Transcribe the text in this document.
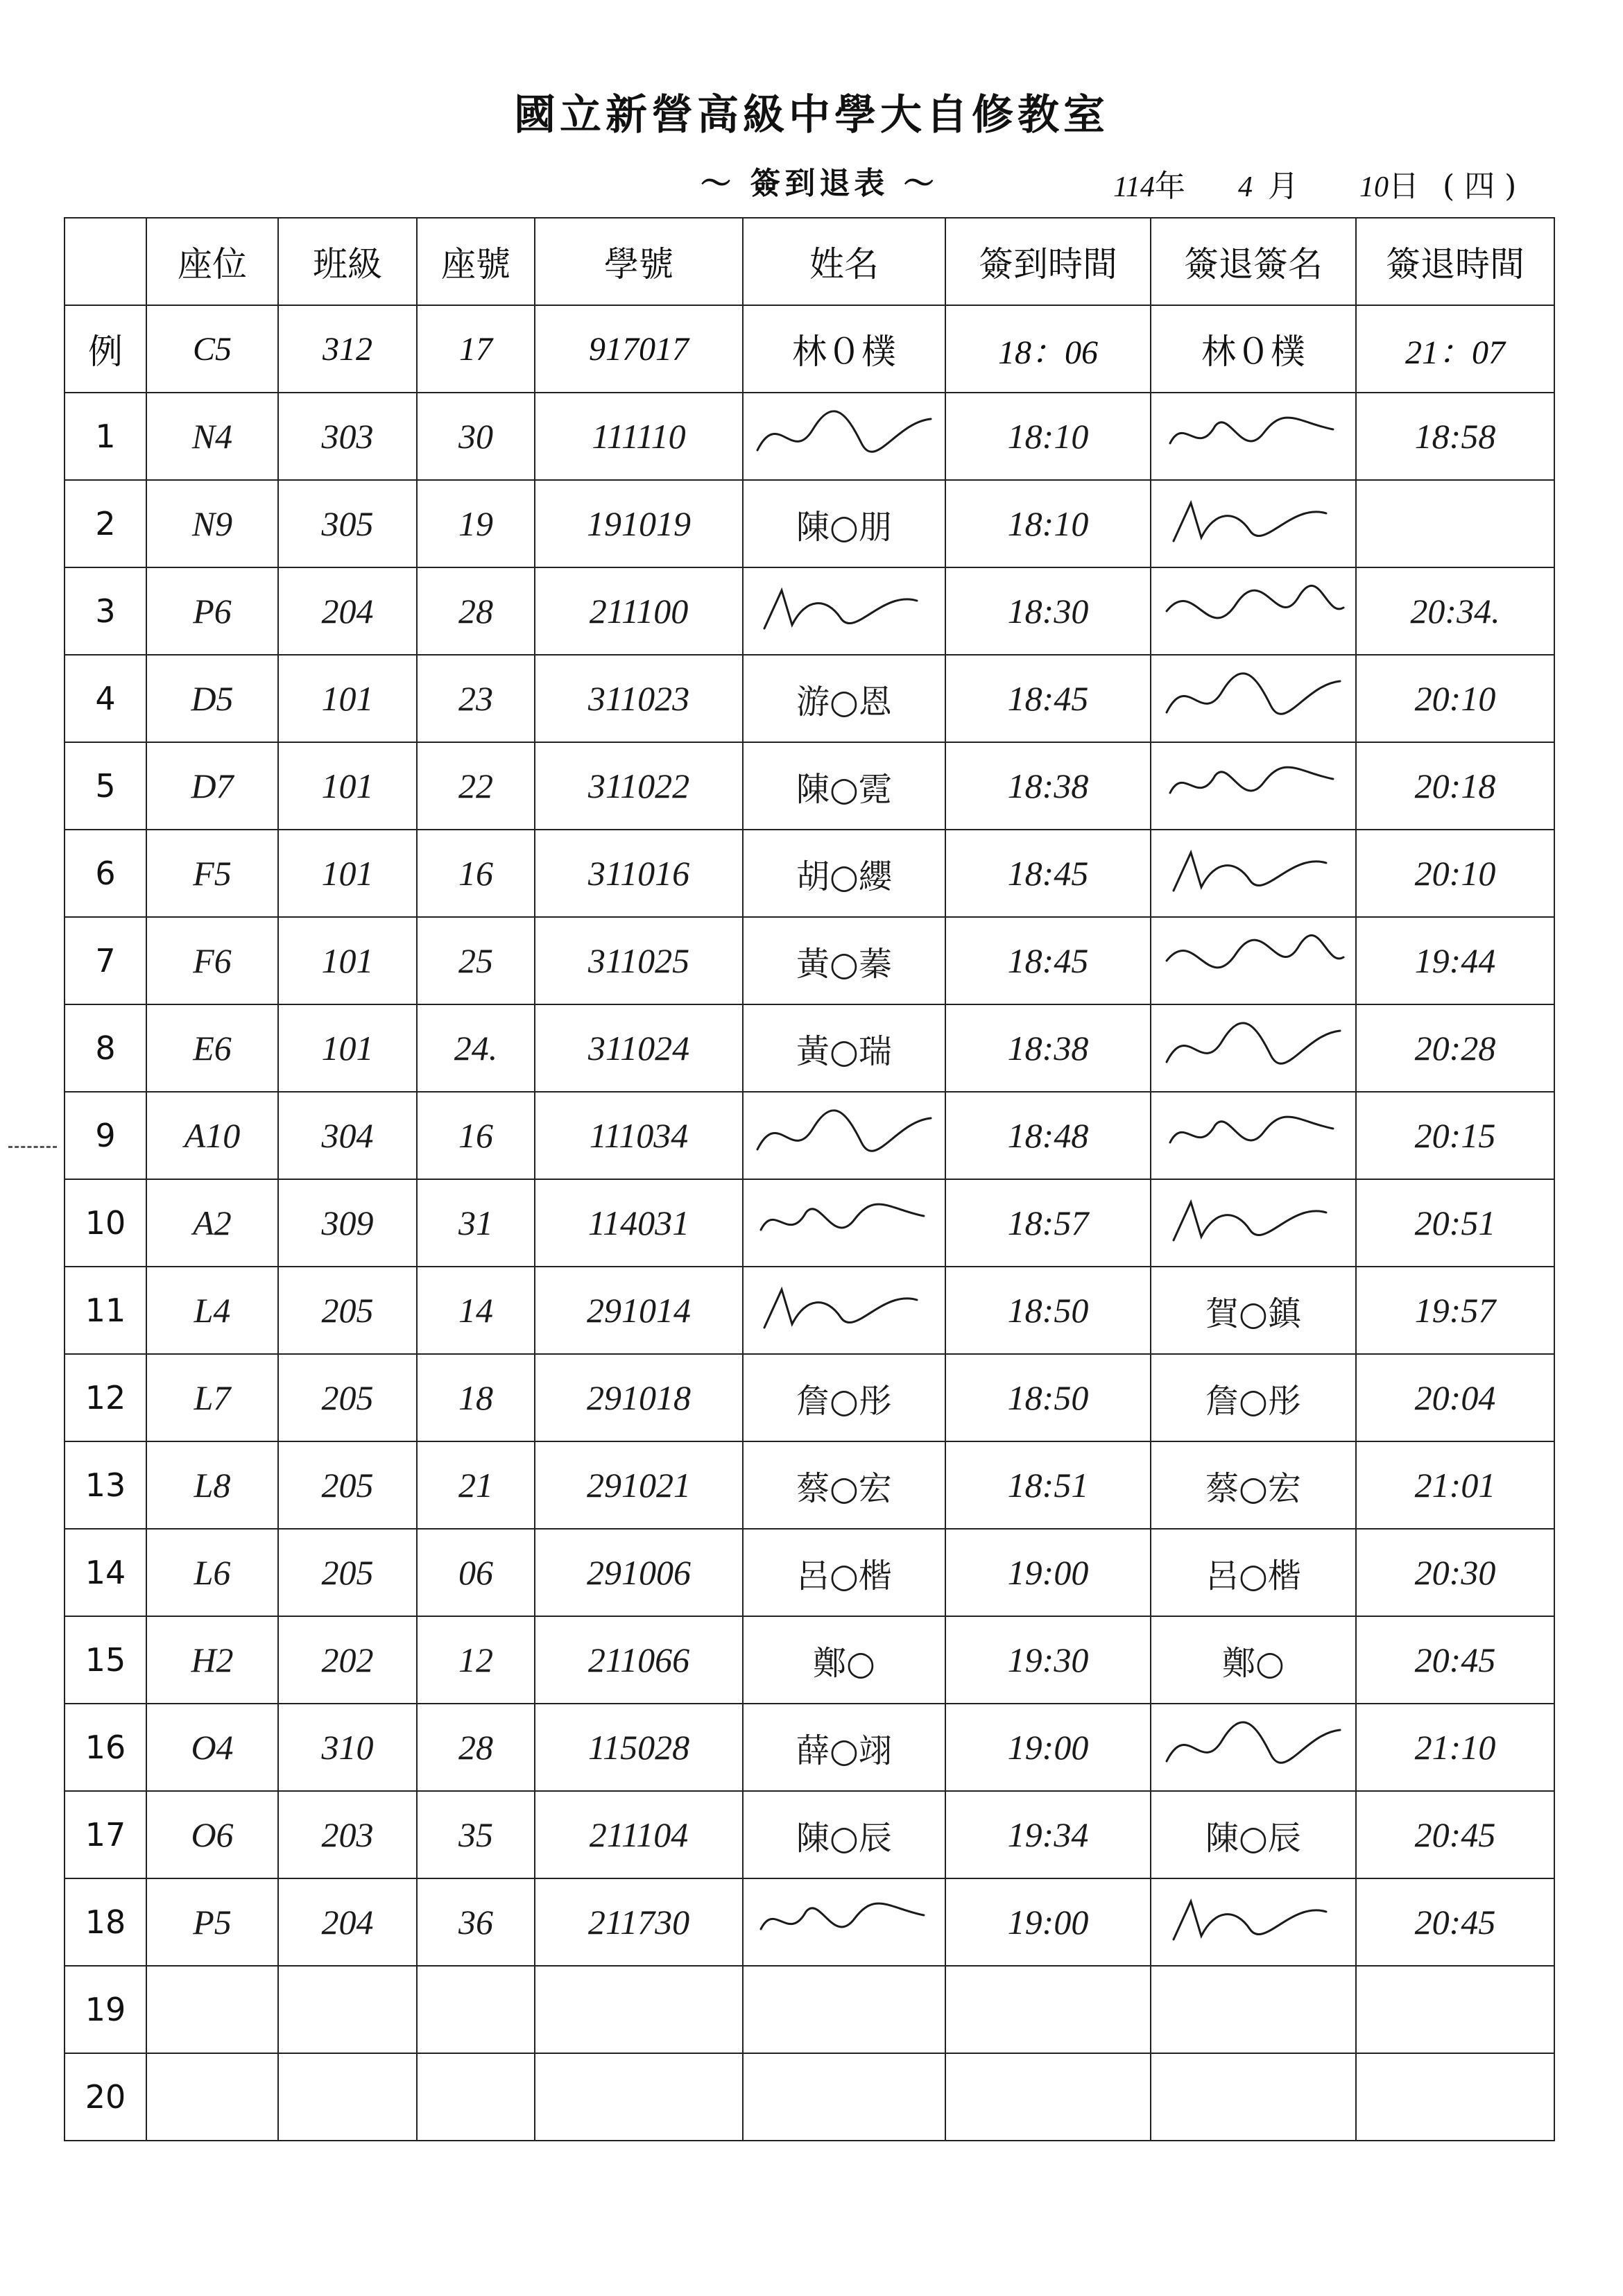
國立新營高級中學大自修教室
～ 簽到退表 ～	114年 4 月 10日 ( 四 )
	座位	班級	座號	學號	姓名	簽到時間	簽退簽名	簽退時間
例	C5	312	17	917017	林０樸	18：06	林０樸	21：07
1	N4	303	30	111110		18:10		18:58
2	N9	305	19	191019	陳○朋	18:10	

3	P6	204	28	211100		18:30		20:34.
4	D5	101	23	311023	游○恩	18:45		20:10
5	D7	101	22	311022	陳○霓	18:38		20:18
6	F5	101	16	311016	胡○纓	18:45		20:10
7	F6	101	25	311025	黃○蓁	18:45		19:44
8	E6	101	24.	311024	黃○瑞	18:38		20:28
9	A10	304	16	111034		18:48		20:15
10	A2	309	31	114031		18:57		20:51
11	L4	205	14	291014		18:50	賀○鎮	19:57
12	L7	205	18	291018	詹○彤	18:50	詹○彤	20:04
13	L8	205	21	291021	蔡○宏	18:51	蔡○宏	21:01
14	L6	205	06	291006	呂○楷	19:00	呂○楷	20:30
15	H2	202	12	211066	鄭○	19:30	鄭○	20:45
16	O4	310	28	115028	薛○翊	19:00		21:10
17	O6	203	35	211104	陳○辰	19:34	陳○辰	20:45
18	P5	204	36	211730		19:00		20:45
19								
20								
